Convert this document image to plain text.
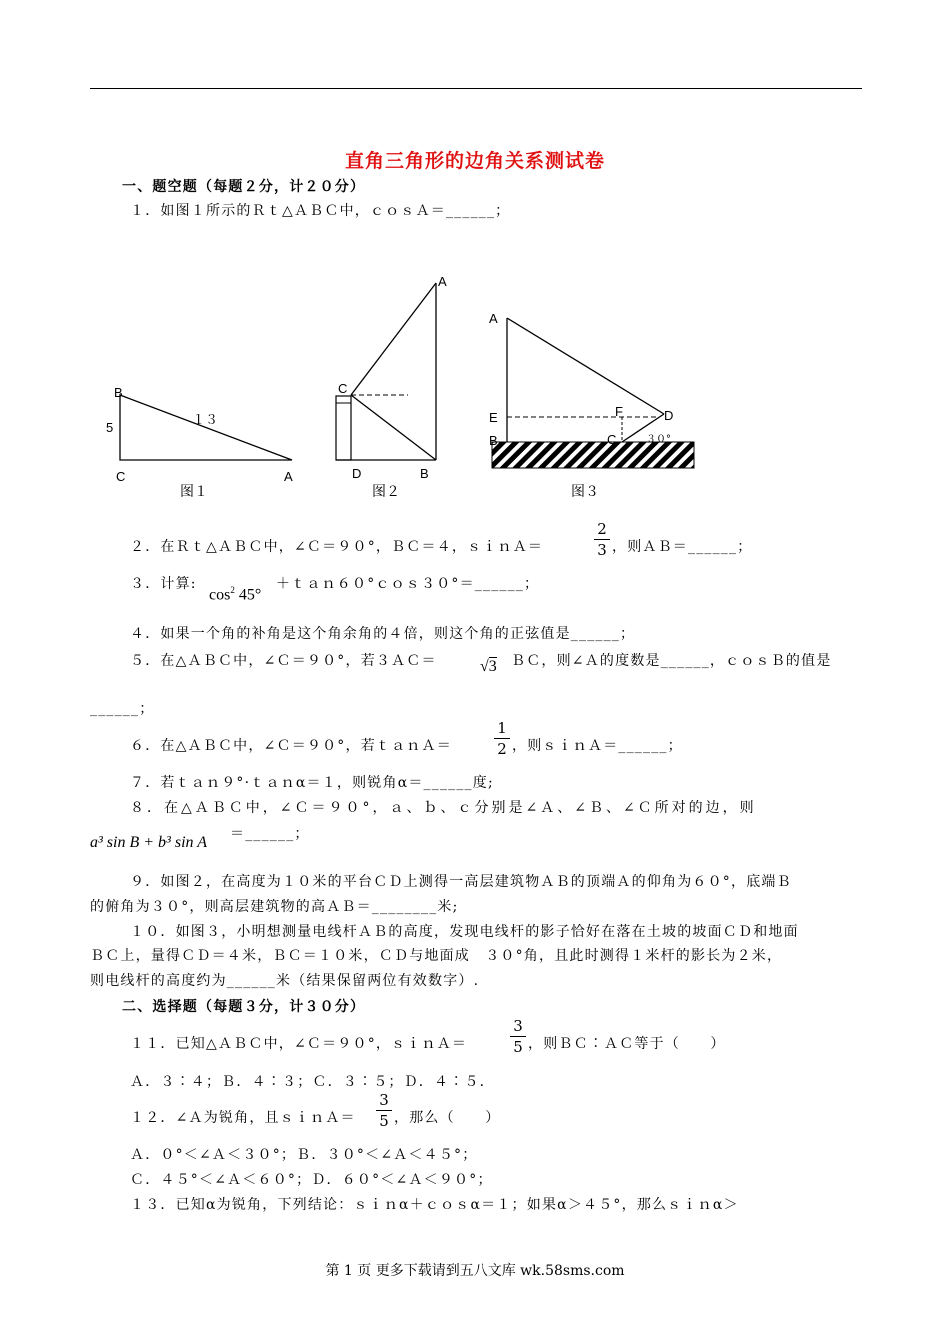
直角三角形的边角关系测试卷
一、题空题（每题２分，计２０分）
１．如图１所示的Ｒｔ△ＡＢＣ中，ｃｏｓＡ＝______；
B
5
１３
C	A
图１
A
C
D	B
图２
A
E
B
F	D
C	３０°
图３
２．在Ｒｔ△ＡＢＣ中，∠Ｃ＝９０°，ＢＣ＝４，ｓｉｎＡ＝
2
3 ，则ＡＢ＝______；
３．计算:
$\cos^2 45^\circ$
＋ｔａｎ６０°ｃｏｓ３０°＝______；
４．如果一个角的补角是这个角余角的４倍，则这个角的正弦值是______；
５．在△ＡＢＣ中，∠Ｃ＝９０°，若３ＡＣ＝	√3 ＢＣ，则∠Ａ的度数是______，ｃｏｓＢ的值是
______；
６．在△ＡＢＣ中，∠Ｃ＝９０°，若ｔａｎＡ＝
1
2 ，则ｓｉｎＡ＝______；
７．若ｔａｎ９°·ｔａｎα＝１，则锐角α＝______度;
８．在△ＡＢＣ中，∠Ｃ＝９０°，ａ、ｂ、ｃ分别是∠Ａ、∠Ｂ、∠Ｃ所对的边，则
a³ sin B + b³ sin A ＝______；
９．如图２，在高度为１０米的平台ＣＤ上测得一高层建筑物ＡＢ的顶端Ａ的仰角为６０°，底端Ｂ
的俯角为３０°，则高层建筑物的高ＡＢ＝________米;
１０．如图３，小明想测量电线杆ＡＢ的高度，发现电线杆的影子恰好在落在土坡的坡面ＣＤ和地面
ＢＣ上，量得ＣＤ＝４米，ＢＣ＝１０米，ＣＤ与地面成　３０°角，且此时测得１米杆的影长为２米，
则电线杆的高度约为______米（结果保留两位有效数字）.
二、选择题（每题３分，计３０分）
１１．已知△ＡＢＣ中，∠Ｃ＝９０°，ｓｉｎＡ＝
3
5 ，则ＢＣ∶ＡＣ等于（　　）
Ａ．３∶４；Ｂ．４∶３；Ｃ．３∶５；Ｄ．４∶５．
１２．∠Ａ为锐角，且ｓｉｎＡ＝
3
5 ，那么（　　）
Ａ．０°＜∠Ａ＜３０°；Ｂ．３０°＜∠Ａ＜４５°；
Ｃ．４５°＜∠Ａ＜６０°；Ｄ．６０°＜∠Ａ＜９０°；
１３．已知α为锐角，下列结论：ｓｉｎα＋ｃｏｓα＝１；如果α＞４５°，那么ｓｉｎα＞
第 1 页 更多下载请到五八文库 wk.58sms.com
